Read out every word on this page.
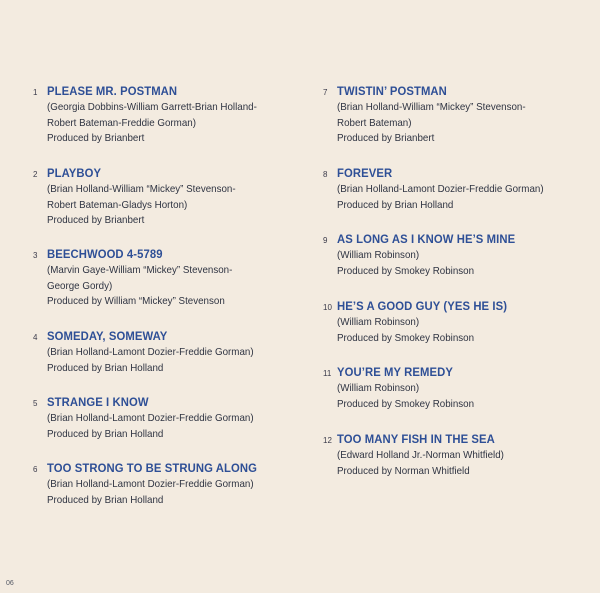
1 PLEASE MR. POSTMAN
(Georgia Dobbins-William Garrett-Brian Holland-
Robert Bateman-Freddie Gorman)
Produced by Brianbert
2 PLAYBOY
(Brian Holland-William “Mickey” Stevenson-
Robert Bateman-Gladys Horton)
Produced by Brianbert
3 BEECHWOOD 4-5789
(Marvin Gaye-William “Mickey” Stevenson-
George Gordy)
Produced by William “Mickey” Stevenson
4 SOMEDAY, SOMEWAY
(Brian Holland-Lamont Dozier-Freddie Gorman)
Produced by Brian Holland
5 STRANGE I KNOW
(Brian Holland-Lamont Dozier-Freddie Gorman)
Produced by Brian Holland
6 TOO STRONG TO BE STRUNG ALONG
(Brian Holland-Lamont Dozier-Freddie Gorman)
Produced by Brian Holland
7 TWISTIN’ POSTMAN
(Brian Holland-William “Mickey” Stevenson-
Robert Bateman)
Produced by Brianbert
8 FOREVER
(Brian Holland-Lamont Dozier-Freddie Gorman)
Produced by Brian Holland
9 AS LONG AS I KNOW HE’S MINE
(William Robinson)
Produced by Smokey Robinson
10 HE’S A GOOD GUY (YES HE IS)
(William Robinson)
Produced by Smokey Robinson
11 YOU’RE MY REMEDY
(William Robinson)
Produced by Smokey Robinson
12 TOO MANY FISH IN THE SEA
(Edward Holland Jr.-Norman Whitfield)
Produced by Norman Whitfield
06
